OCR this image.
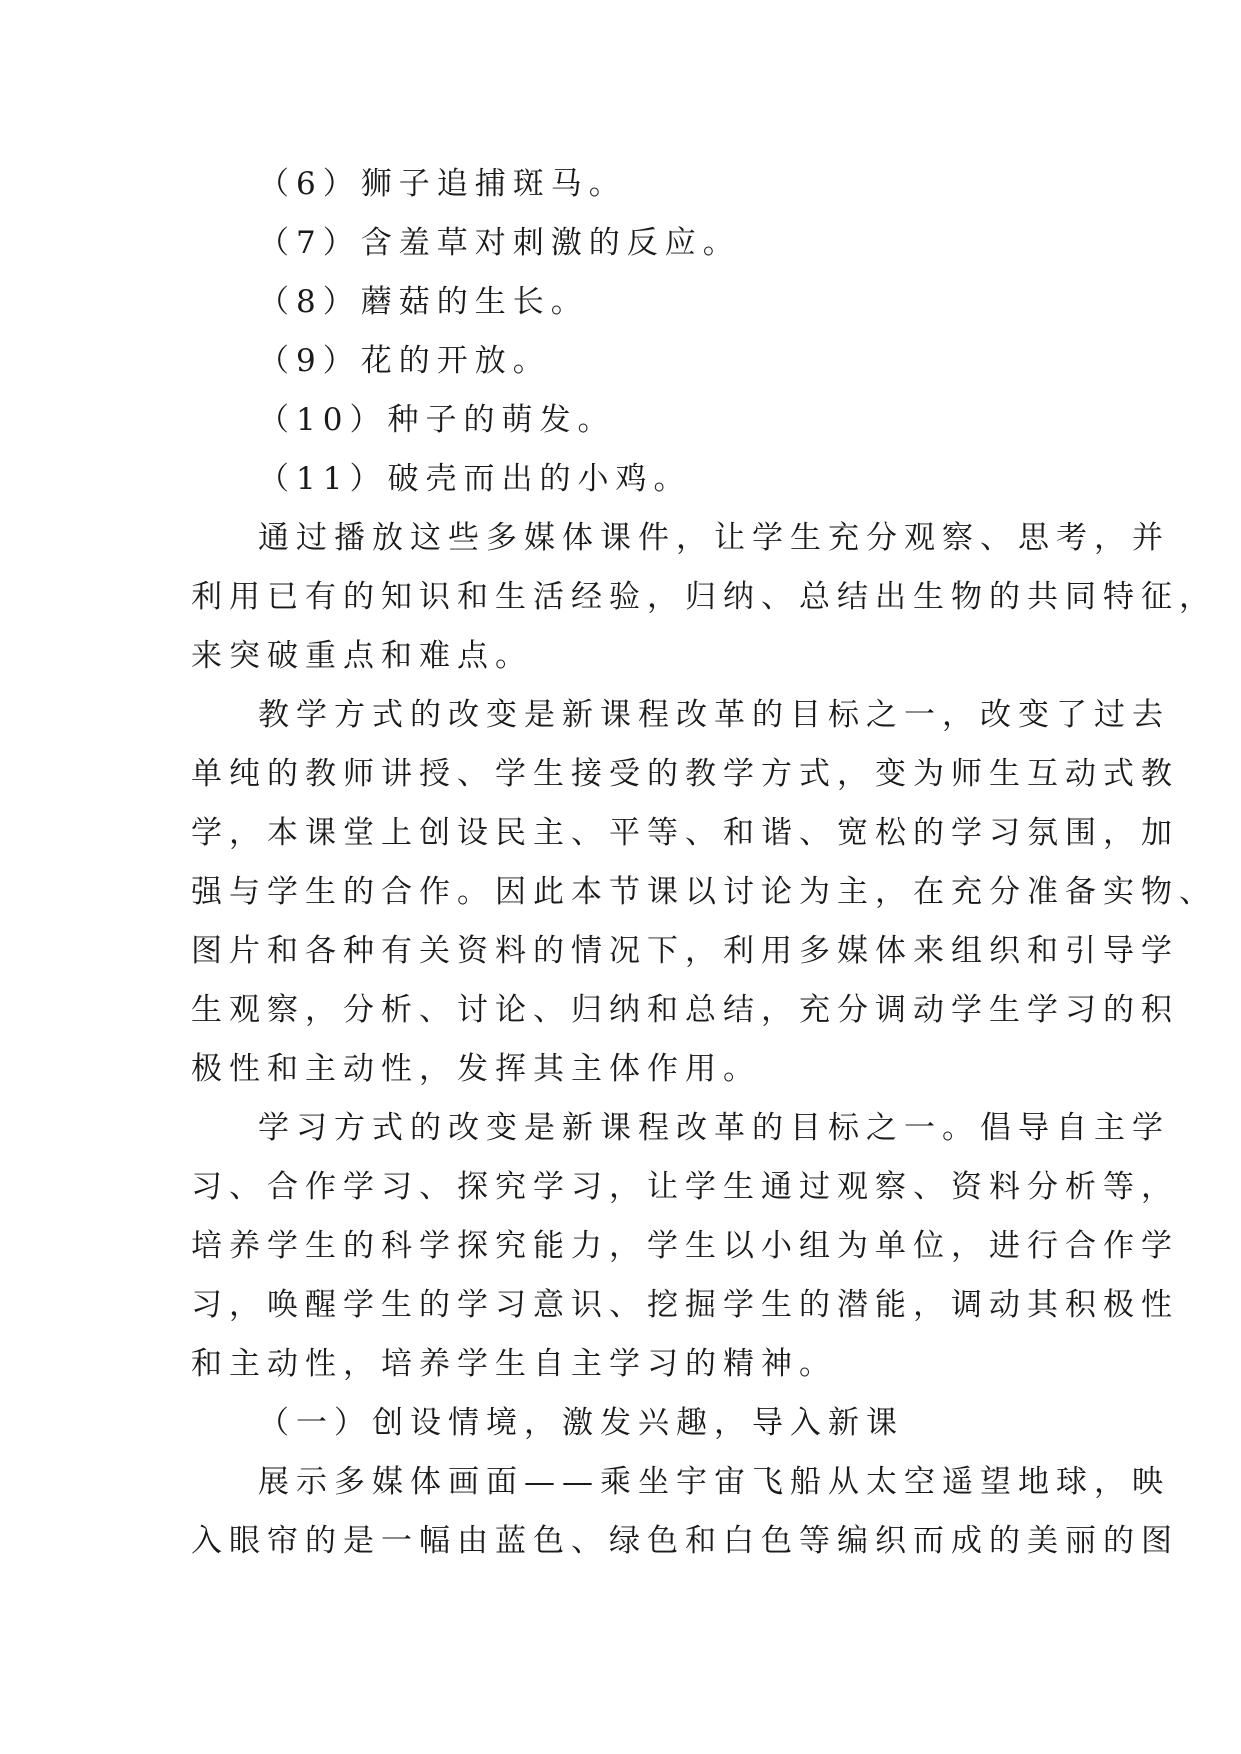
（6）狮子追捕斑马。
（7）含羞草对刺激的反应。
（8）蘑菇的生长。
（9）花的开放。
（10）种子的萌发。
（11）破壳而出的小鸡。
通过播放这些多媒体课件，让学生充分观察、思考，并
利用已有的知识和生活经验，归纳、总结出生物的共同特征，
来突破重点和难点。
教学方式的改变是新课程改革的目标之一，改变了过去
单纯的教师讲授、学生接受的教学方式，变为师生互动式教
学，本课堂上创设民主、平等、和谐、宽松的学习氛围，加
强与学生的合作。因此本节课以讨论为主，在充分准备实物、
图片和各种有关资料的情况下，利用多媒体来组织和引导学
生观察，分析、讨论、归纳和总结，充分调动学生学习的积
极性和主动性，发挥其主体作用。
学习方式的改变是新课程改革的目标之一。倡导自主学
习、合作学习、探究学习，让学生通过观察、资料分析等，
培养学生的科学探究能力，学生以小组为单位，进行合作学
习，唤醒学生的学习意识、挖掘学生的潜能，调动其积极性
和主动性，培养学生自主学习的精神。
（一）创设情境，激发兴趣，导入新课
展示多媒体画面——乘坐宇宙飞船从太空遥望地球，映
入眼帘的是一幅由蓝色、绿色和白色等编织而成的美丽的图
